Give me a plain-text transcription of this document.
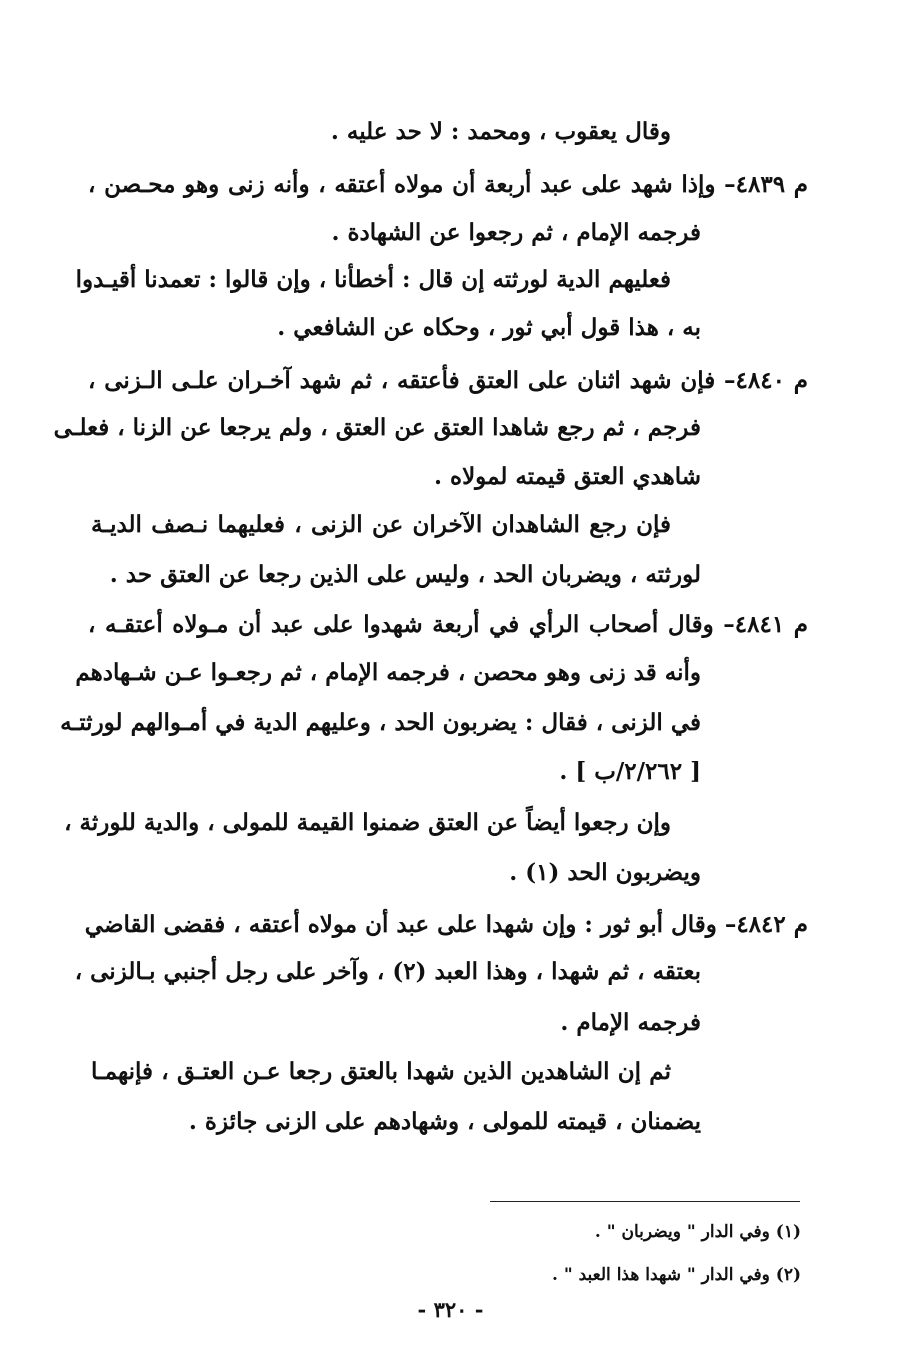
وقال يعقوب ، ومحمد : لا حد عليه .
م ٤٨٣٩– وإذا شهد على عبد أربعة أن مولاه أعتقه ، وأنه زنى وهو محـصن ،
فرجمه الإمام ، ثم رجعوا عن الشهادة .
فعليهم الدية لورثته إن قال : أخطأنا ، وإن قالوا : تعمدنا أقيـدوا
به ، هذا قول أبي ثور ، وحكاه عن الشافعي .
م ٤٨٤٠– فإن شهد اثنان على العتق فأعتقه ، ثم شهد آخـران علـى الـزنى ،
فرجم ، ثم رجع شاهدا العتق عن العتق ، ولم يرجعا عن الزنا ، فعلـى
شاهدي العتق قيمته لمولاه .
فإن رجع الشاهدان الآخران عن الزنى ، فعليهما نـصف الديـة
لورثته ، ويضربان الحد ، وليس على الذين رجعا عن العتق حد .
م ٤٨٤١– وقال أصحاب الرأي في أربعة شهدوا على عبد أن مـولاه أعتقـه ،
وأنه قد زنى وهو محصن ، فرجمه الإمام ، ثم رجعـوا عـن شـهادهم
في الزنى ، فقال : يضربون الحد ، وعليهم الدية في أمـوالهم لورثتـه
[ ٢/٢٦٢/ب ] .
وإن رجعوا أيضاً عن العتق ضمنوا القيمة للمولى ، والدية للورثة ،
ويضربون الحد (١) .
م ٤٨٤٢– وقال أبو ثور : وإن شهدا على عبد أن مولاه أعتقه ، فقضى القاضي
بعتقه ، ثم شهدا ، وهذا العبد (٢) ، وآخر على رجل أجنبي بـالزنى ،
فرجمه الإمام .
ثم إن الشاهدين الذين شهدا بالعتق رجعا عـن العتـق ، فإنهمـا
يضمنان ، قيمته للمولى ، وشهادهم على الزنى جائزة .
(١) وفي الدار " ويضربان " .
(٢) وفي الدار " شهدا هذا العبد " .
- ٣٢٠ -
